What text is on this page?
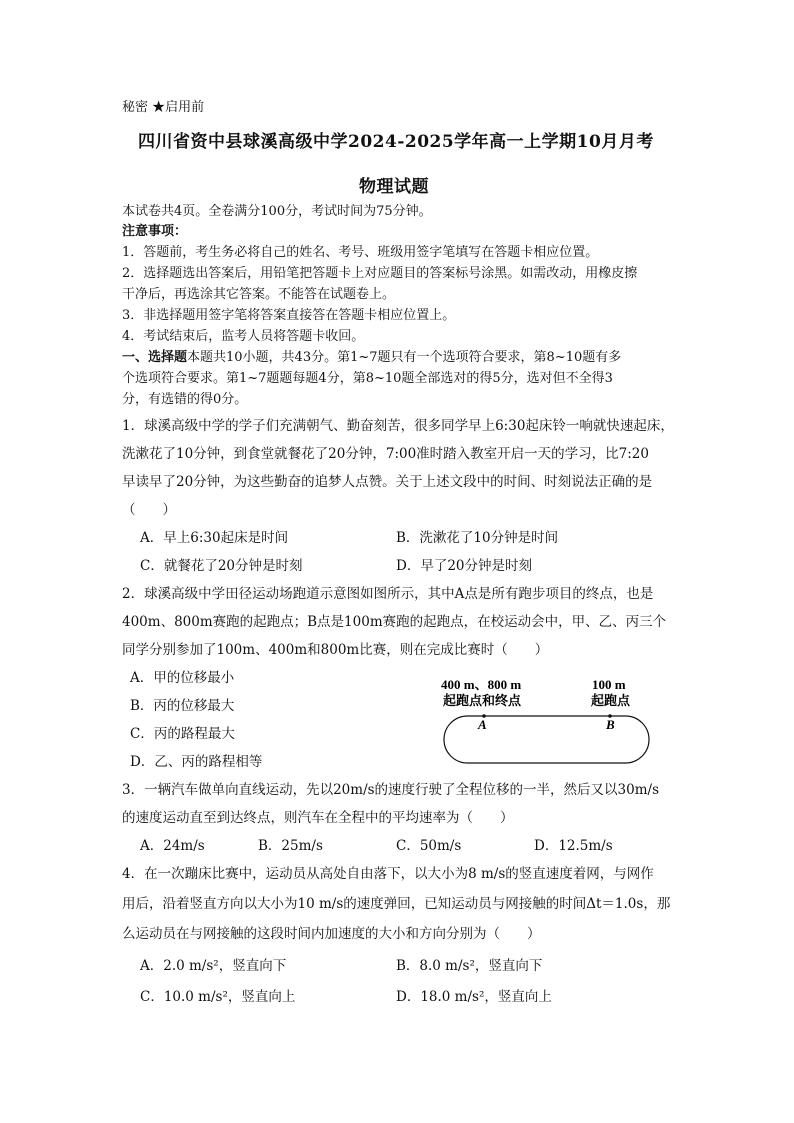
秘密 ★启用前
四川省资中县球溪高级中学2024-2025学年高一上学期10月月考
物理试题
本试卷共4页。全卷满分100分，考试时间为75分钟。
注意事项：
1．答题前，考生务必将自己的姓名、考号、班级用签字笔填写在答题卡相应位置。
2．选择题选出答案后，用铅笔把答题卡上对应题目的答案标号涂黑。如需改动，用橡皮擦
干净后，再选涂其它答案。不能答在试题卷上。
3．非选择题用签字笔将答案直接答在答题卡相应位置上。
4．考试结束后，监考人员将答题卡收回。
一、选择题本题共10小题，共43分。第1~7题只有一个选项符合要求，第8~10题有多
个选项符合要求。第1~7题题每题4分，第8~10题全部选对的得5分，选对但不全得3
分，有选错的得0分。
1．球溪高级中学的学子们充满朝气、勤奋刻苦，很多同学早上6:30起床铃一响就快速起床，
洗漱花了10分钟，到食堂就餐花了20分钟，7:00准时踏入教室开启一天的学习，比7:20
早读早了20分钟，为这些勤奋的追梦人点赞。关于上述文段中的时间、时刻说法正确的是
（　　）
A．早上6:30起床是时间	B．洗漱花了10分钟是时间
C．就餐花了20分钟是时刻	D．早了20分钟是时刻
2．球溪高级中学田径运动场跑道示意图如图所示，其中A点是所有跑步项目的终点，也是
400m、800m赛跑的起跑点；B点是100m赛跑的起跑点，在校运动会中，甲、乙、丙三个
同学分别参加了100m、400m和800m比赛，则在完成比赛时（　　）
A．甲的位移最小
B．丙的位移最大
C．丙的路程最大
D．乙、丙的路程相等
400 m、800 m
起跑点和终点
100 m
起跑点
A	B
3．一辆汽车做单向直线运动，先以20m/s的速度行驶了全程位移的一半，然后又以30m/s
的速度运动直至到达终点，则汽车在全程中的平均速率为（　　）
A．24m/s	B．25m/s	C．50m/s	D．12.5m/s
4．在一次蹦床比赛中，运动员从高处自由落下，以大小为8 m/s的竖直速度着网，与网作
用后，沿着竖直方向以大小为10 m/s的速度弹回，已知运动员与网接触的时间Δt＝1.0s，那
么运动员在与网接触的这段时间内加速度的大小和方向分别为（　　）
A．2.0 m/s²，竖直向下	B．8.0 m/s²，竖直向下
C．10.0 m/s²，竖直向上	D．18.0 m/s²，竖直向上
